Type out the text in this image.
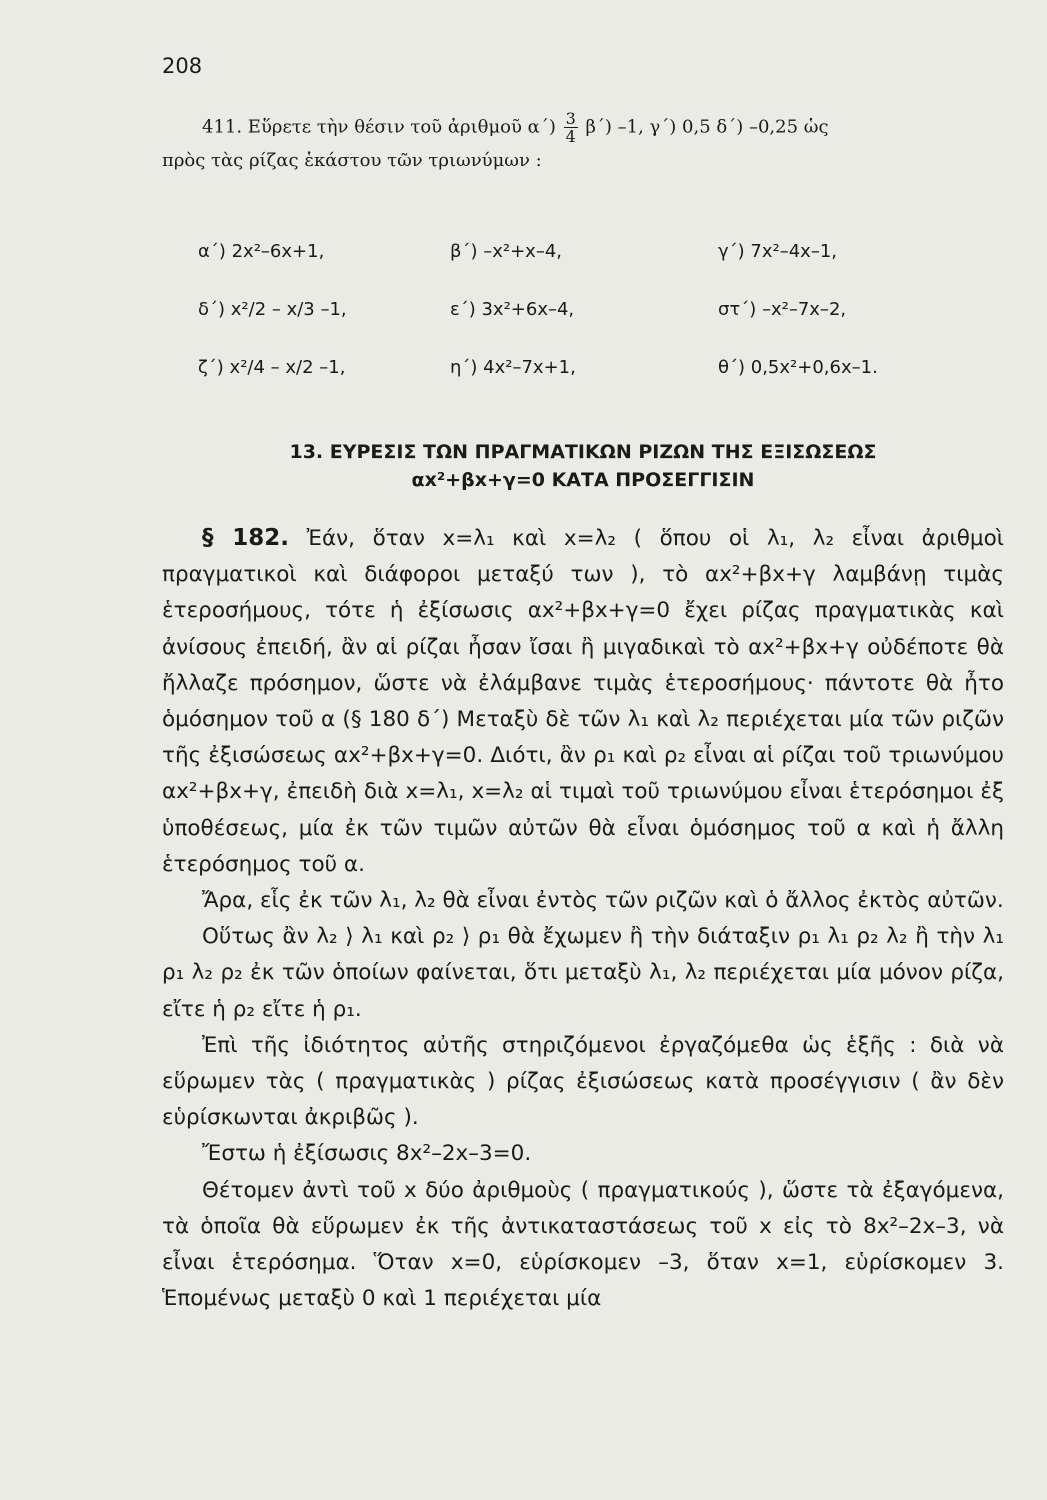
208
411. Εὕρετε τὴν θέσιν τοῦ ἀριθμοῦ $\alpha΄) \frac{3}{4} \beta΄$) –1, γ΄) 0,5 δ΄) –0,25 ὡς
πρὸς τὰς ρίζας ἑκάστου τῶν τριωνύμων :
α΄) 2x²–6x+1,	β΄) –x²+x–4,	γ΄) 7x²–4x–1,
δ΄) x²/2 – x/3 –1,	ε΄) 3x²+6x–4,	στ΄) –x²–7x–2,
ζ΄) x²/4 – x/2 –1,	η΄) 4x²–7x+1,	θ΄) 0,5x²+0,6x–1.
13. ΕΥΡΕΣΙΣ ΤΩΝ ΠΡΑΓΜΑΤΙΚΩΝ ΡΙΖΩΝ ΤΗΣ ΕΞΙΣΩΣΕΩΣ
αx²+βx+γ=0 ΚΑΤΑ ΠΡΟΣΕΓΓΙΣΙΝ

§ 182. Ἐάν, ὅταν x=λ₁ καὶ x=λ₂ ( ὅπου οἱ λ₁, λ₂ εἶναι ἀριθμοὶ πραγματικοὶ καὶ διάφοροι μεταξύ των ), τὸ αx²+βx+γ λαμβάνῃ τιμὰς ἑτεροσήμους, τότε ἡ ἐξίσωσις αx²+βx+γ=0 ἔχει ρίζας πραγματικὰς καὶ ἀνίσους ἐπειδή, ἂν αἱ ρίζαι ἦσαν ἴσαι ἢ μιγαδικαὶ τὸ αx²+βx+γ οὐδέποτε θὰ ἤλλαζε πρόσημον, ὥστε νὰ ἐλάμβανε τιμὰς ἑτεροσήμους· πάντοτε θὰ ἦτο ὁμόσημον τοῦ α (§ 180 δ΄) Μεταξὺ δὲ τῶν λ₁ καὶ λ₂ περιέχεται μία τῶν ριζῶν τῆς ἐξισώσεως αx²+βx+γ=0. Διότι, ἂν ρ₁ καὶ ρ₂ εἶναι αἱ ρίζαι τοῦ τριωνύμου αx²+βx+γ, ἐπειδὴ διὰ x=λ₁, x=λ₂ αἱ τιμαὶ τοῦ τριωνύμου εἶναι ἑτερόσημοι ἐξ ὑποθέσεως, μία ἐκ τῶν τιμῶν αὐτῶν θὰ εἶναι ὁμόσημος τοῦ α καὶ ἡ ἄλλη ἑτερόσημος τοῦ α.

Ἄρα, εἷς ἐκ τῶν λ₁, λ₂ θὰ εἶναι ἐντὸς τῶν ριζῶν καὶ ὁ ἄλλος ἐκτὸς αὐτῶν.

Οὕτως ἂν λ₂ ⟩ λ₁ καὶ ρ₂ ⟩ ρ₁ θὰ ἔχωμεν ἢ τὴν διάταξιν ρ₁ λ₁ ρ₂ λ₂ ἢ τὴν λ₁ ρ₁ λ₂ ρ₂ ἐκ τῶν ὁποίων φαίνεται, ὅτι μεταξὺ λ₁, λ₂ περιέχεται μία μόνον ρίζα, εἴτε ἡ ρ₂ εἴτε ἡ ρ₁.

Ἐπὶ τῆς ἰδιότητος αὐτῆς στηριζόμενοι ἐργαζόμεθα ὡς ἑξῆς : διὰ νὰ εὕρωμεν τὰς ( πραγματικὰς ) ρίζας ἐξισώσεως κατὰ προσέγγισιν ( ἂν δὲν εὑρίσκωνται ἀκριβῶς ).

Ἔστω ἡ ἐξίσωσις 8x²–2x–3=0.

Θέτομεν ἀντὶ τοῦ x δύο ἀριθμοὺς ( πραγματικούς ), ὥστε τὰ ἐξαγόμενα, τὰ ὁποῖα θὰ εὕρωμεν ἐκ τῆς ἀντικαταστάσεως τοῦ x εἰς τὸ 8x²–2x–3, νὰ εἶναι ἑτερόσημα. Ὅταν x=0, εὑρίσκομεν –3, ὅταν x=1, εὑρίσκομεν 3. Ἑπομένως μεταξὺ 0 καὶ 1 περιέχεται μία
